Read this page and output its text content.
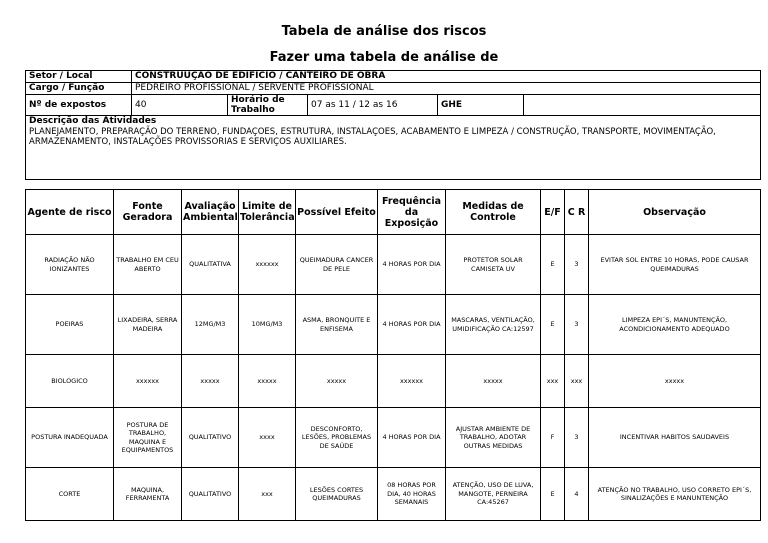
Tabela de análise dos riscos
Fazer uma tabela de análise de
Setor / Local	CONSTRUUÇÃO DE EDIFICIO / CANTEIRO DE OBRA				
Cargo / Função	PEDREIRO PROFISSIONAL / SERVENTE PROFISSIONAL				
Nº de expostos	40	Horário de Trabalho	07 as 11 / 12 as 16	GHE	

Descrição das Atividades
PLANEJAMENTO, PREPARAÇÃO DO TERRENO, FUNDAÇOES, ESTRUTURA, INSTALAÇOES, ACABAMENTO E LIMPEZA / CONSTRUÇÃO, TRANSPORTE, MOVIMENTAÇÃO, ARMAZENAMENTO, INSTALAÇÕES PROVISSORIAS E SERVIÇOS AUXILIARES.					
Agente de risco	Fonte Geradora	Avaliação Ambiental	Limite de Tolerância	Possível Efeito	Frequência da Exposição	Medidas de Controle	E/F	C R	Observação
RADIAÇÃO NÃO IONIZANTES	TRABALHO EM CEU ABERTO	QUALITATIVA	xxxxxx	QUEIMADURA CANCER DE PELE	4 HORAS POR DIA	PROTETOR SOLAR CAMISETA UV	E	3	EVITAR SOL ENTRE 10 HORAS, PODE CAUSAR QUEIMADURAS
POEIRAS	LIXADEIRA, SERRA MADEIRA	12MG/M3	10MG/M3	ASMA, BRONQUITE E ENFISEMA	4 HORAS POR DIA	MASCARAS, VENTILAÇÃO, UMIDIFICAÇÃO CA:12597	E	3	LIMPEZA EPI´S, MANUNTENÇÃO, ACONDICIONAMENTO ADEQUADO
BIOLOGICO	xxxxxx	xxxxx	xxxxx	xxxxx	xxxxxx	xxxxx	xxx	xxx	xxxxx
POSTURA INADEQUADA	POSTURA DE TRABALHO, MAQUINA E EQUIPAMENTOS	QUALITATIVO	xxxx	DESCONFORTO, LESÕES, PROBLEMAS DE SAÚDE	4 HORAS POR DIA	AJUSTAR AMBIENTE DE TRABALHO, ADOTAR OUTRAS MEDIDAS	F	3	INCENTIVAR HABITOS SAUDAVEIS
CORTE	MAQUINA, FERRAMENTA	QUALITATIVO	xxx	LESÕES CORTES QUEIMADURAS	08 HORAS POR DIA, 40 HORAS SEMANAIS	ATENÇÃO, USO DE LUVA, MANGOTE, PERNEIRA CA:45267	E	4	ATENÇÃO NO TRABALHO, USO CORRETO EPI´S, SINALIZAÇÕES E MANUNTENÇÃO
